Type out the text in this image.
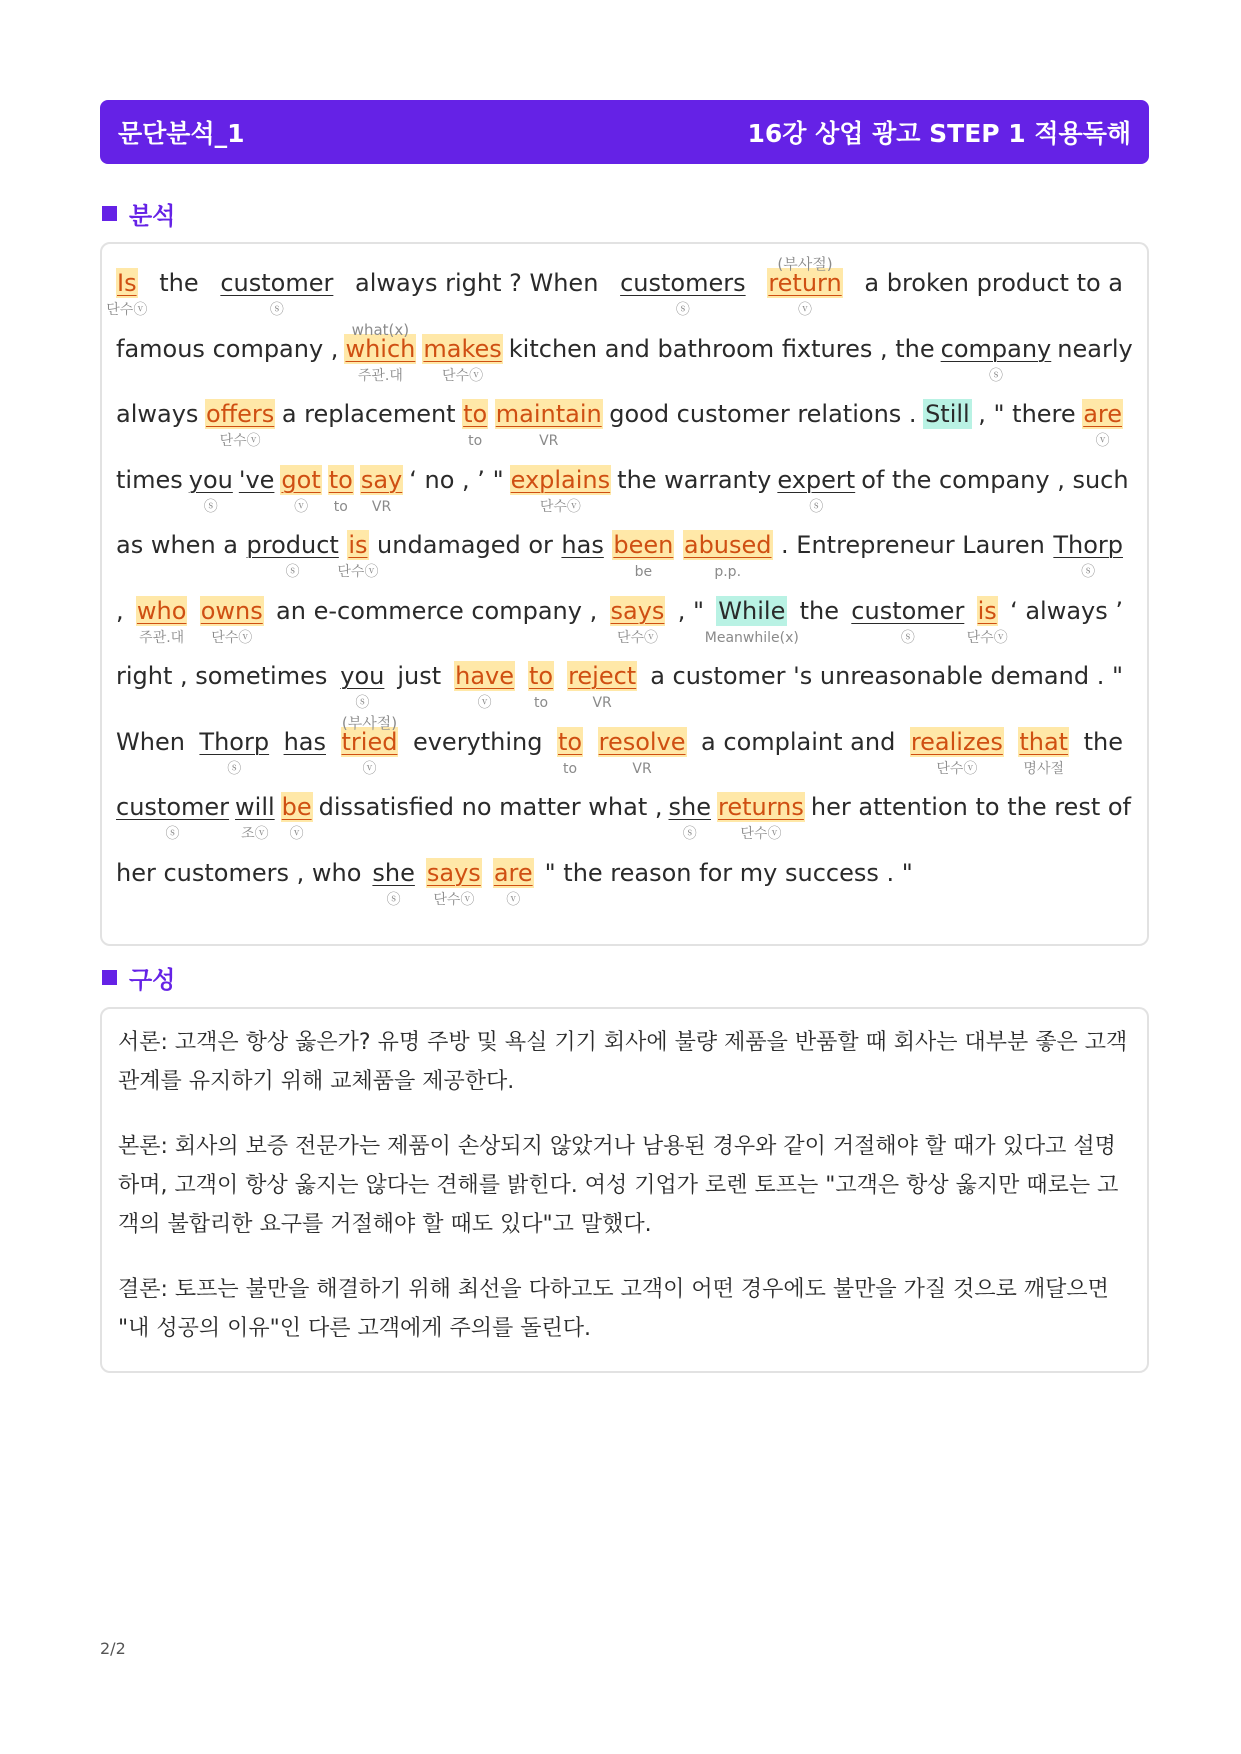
문단분석_1	16강 상업 광고 STEP 1 적용독해
분석
Is
단수ⓥ
the customer
ⓢ
always right ? When customers
ⓢ
return
ⓥ
(부사절)
a broken product to a
famous company , which
주관.대
what(x)
makes
단수ⓥ
kitchen and bathroom fixtures , the company
ⓢ
nearly
always offers
단수ⓥ
a replacement to
to
maintain
VR
good customer relations . Still , " there are
ⓥ
times you
ⓢ
've got
ⓥ
to
to
say
VR
‘ no , ’ " explains
단수ⓥ
the warranty expert
ⓢ
of the company , such
as when a product
ⓢ
is
단수ⓥ
undamaged or has been
be
abused
p.p.
. Entrepreneur Lauren Thorp
ⓢ
, who
주관.대
owns
단수ⓥ
an e-commerce company , says
단수ⓥ
, " While
Meanwhile(x)
the customer
ⓢ
is
단수ⓥ
‘ always ’
right , sometimes you
ⓢ
just have
ⓥ
to
to
reject
VR
a customer 's unreasonable demand . "
When Thorp
ⓢ
has tried
ⓥ
(부사절)
everything to
to
resolve
VR
a complaint and realizes
단수ⓥ
that
명사절
the
customer
ⓢ
will
조ⓥ
be
ⓥ
dissatisfied no matter what , she
ⓢ
returns
단수ⓥ
her attention to the rest of
her customers , who she
ⓢ
says
단수ⓥ
are
ⓥ
" the reason for my success . "
구성

서론: 고객은 항상 옳은가? 유명 주방 및 욕실 기기 회사에 불량 제품을 반품할 때 회사는 대부분 좋은 고객 관계를 유지하기 위해 교체품을 제공한다.

본론: 회사의 보증 전문가는 제품이 손상되지 않았거나 남용된 경우와 같이 거절해야 할 때가 있다고 설명하며, 고객이 항상 옳지는 않다는 견해를 밝힌다. 여성 기업가 로렌 토프는 "고객은 항상 옳지만 때로는 고객의 불합리한 요구를 거절해야 할 때도 있다"고 말했다.

결론: 토프는 불만을 해결하기 위해 최선을 다하고도 고객이 어떤 경우에도 불만을 가질 것으로 깨달으면 "내 성공의 이유"인 다른 고객에게 주의를 돌린다.

2/2
